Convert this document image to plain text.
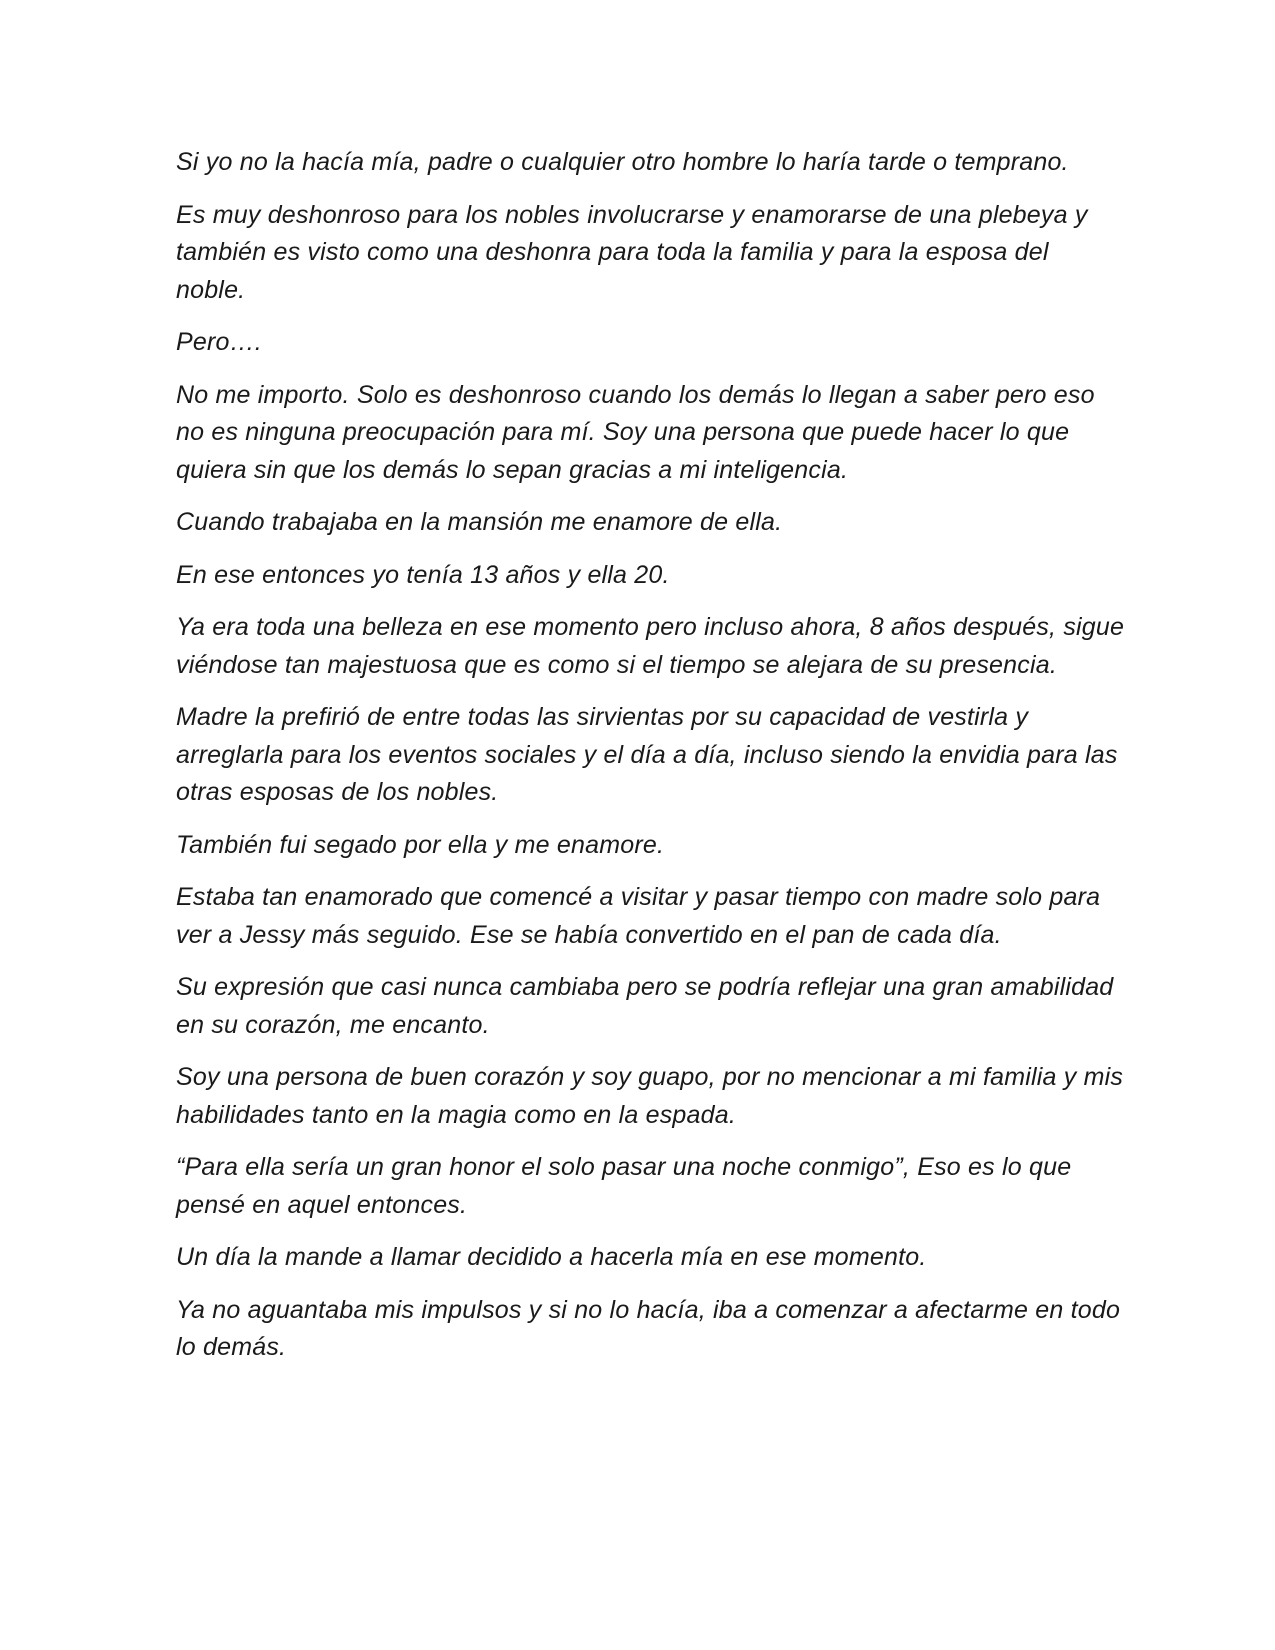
Si yo no la hacía mía, padre o cualquier otro hombre lo haría tarde o temprano.

Es muy deshonroso para los nobles involucrarse y enamorarse de una plebeya y también es visto como una deshonra para toda la familia y para la esposa del noble.

Pero….

No me importo. Solo es deshonroso cuando los demás lo llegan a saber pero eso no es ninguna preocupación para mí. Soy una persona que puede hacer lo que quiera sin que los demás lo sepan gracias a mi inteligencia.

Cuando trabajaba en la mansión me enamore de ella.

En ese entonces yo tenía 13 años y ella 20.

Ya era toda una belleza en ese momento pero incluso ahora, 8 años después, sigue viéndose tan majestuosa que es como si el tiempo se alejara de su presencia.

Madre la prefirió de entre todas las sirvientas por su capacidad de vestirla y arreglarla para los eventos sociales y el día a día, incluso siendo la envidia para las otras esposas de los nobles.

También fui segado por ella y me enamore.

Estaba tan enamorado que comencé a visitar y pasar tiempo con madre solo para ver a Jessy más seguido. Ese se había convertido en el pan de cada día.

Su expresión que casi nunca cambiaba pero se podría reflejar una gran amabilidad en su corazón, me encanto.

Soy una persona de buen corazón y soy guapo, por no mencionar a mi familia y mis habilidades tanto en la magia como en la espada.

“Para ella sería un gran honor el solo pasar una noche conmigo”, Eso es lo que pensé en aquel entonces.

Un día la mande a llamar decidido a hacerla mía en ese momento.

Ya no aguantaba mis impulsos y si no lo hacía, iba a comenzar a afectarme en todo lo demás.
